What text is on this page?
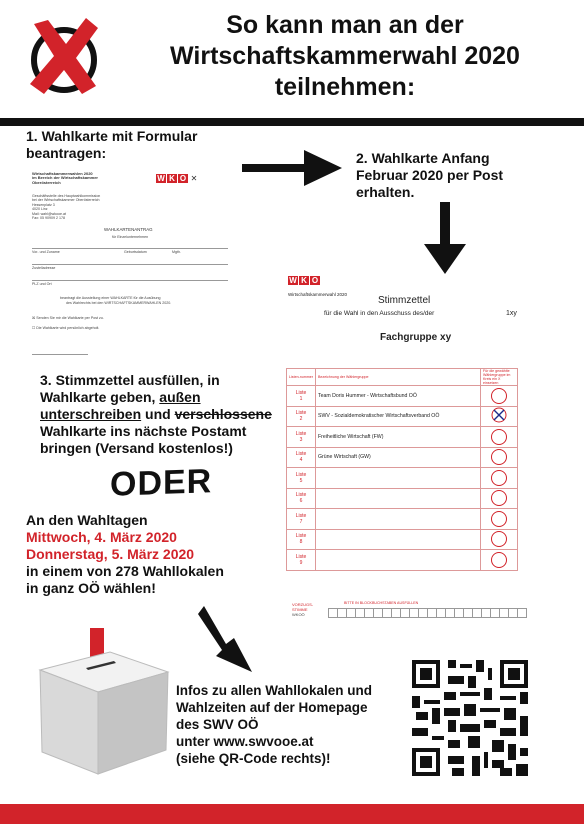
So kann man an der
Wirtschaftskammerwahl 2020
teilnehmen:
1. Wahlkarte mit Formular
beantragen:
Wirtschaftskammerwahlen 2020
im Bereich der Wirtschaftskammer
Oberösterreich	W K O ✕
Geschäftsstelle des Hauptwahlkommission
bei der Wirtschaftskammer Oberösterreich
Hessenplatz 3
4020 Linz
Mail: wahl@wkooe.at
Fax: 05 90909 2 178
WAHLKARTENANTRAG
für Einzelunternehmen
Vor- und Zuname	Geburtsdatum	Mgth.
Zustelladresse
PLZ und Ort
beantragt die Ausstellung einer WAHLKARTE für die Ausübung
des Wahlrechts bei den WIRTSCHAFTSKAMMERWAHLEN 2020.
☒ Senden Sie mir die Wahlkarte per Post zu.
☐ Die Wahlkarte wird persönlich abgeholt.
2. Wahlkarte Anfang
Februar 2020 per Post
erhalten.
W K O
Wirtschaftskammerwahl 2020
Stimmzettel
für die Wahl in den Ausschuss des/der	1xy
Fachgruppe xy
Listen-nummer	Bezeichnung der Wählergruppe	Für die gewählte Wählergruppe im Kreis ein X einsetzen

Liste
1	Team Doris Hummer - Wirtschaftsbund OÖ	

Liste
2	SWV - Sozialdemokratischer Wirtschaftsverband OÖ	

Liste
3	Freiheitliche Wirtschaft (FW)	

Liste
4	Grüne Wirtschaft (GW)	

Liste
5		

Liste
6		

Liste
7		

Liste
8		

Liste
9		

VORZUGS-STIMME
WKOÖ
BITTE IN BLOCKBUCHSTABEN AUSFÜLLEN
3. Stimmzettel ausfüllen, in
Wahlkarte geben, außen
unterschreiben und verschlossene
Wahlkarte ins nächste Postamt
bringen (Versand kostenlos!)
ODER
An den Wahltagen
Mittwoch, 4. März 2020
Donnerstag, 5. März 2020
in einem von 278 Wahllokalen
in ganz OÖ wählen!
Infos zu allen Wahllokalen und
Wahlzeiten auf der Homepage
des SWV OÖ
unter www.swvooe.at
(siehe QR-Code rechts)!
